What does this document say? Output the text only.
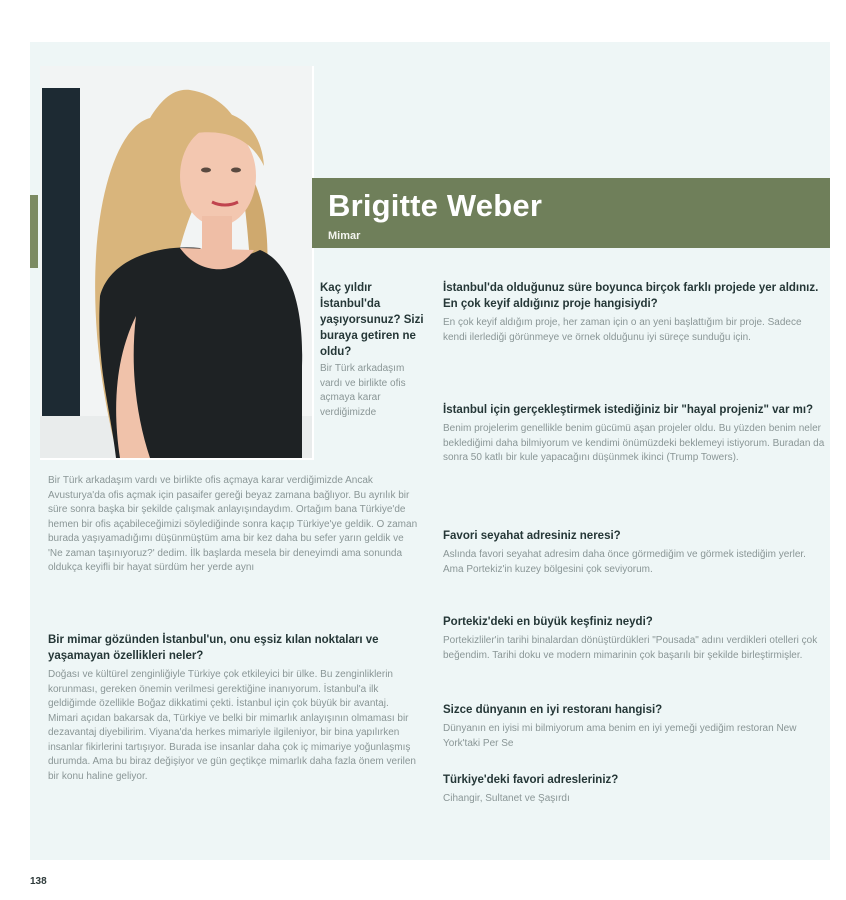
Brigitte Weber
Mimar

Kaç yıldır İstanbul'da yaşıyorsunuz? Sizi buraya getiren ne oldu?

Bir Türk arkadaşım vardı ve birlikte ofis açmaya karar verdiğimizde

Bir Türk arkadaşım vardı ve birlikte ofis açmaya karar verdiğimizde Ancak Avusturya'da ofis açmak için pasaifer gereği beyaz zamana bağlıyor. Bu ayrılık bir süre sonra başka bir şekilde çalışmak anlayışındaydım. Ortağım bana Türkiye'de hemen bir ofis açabileceğimizi söylediğinde sonra kaçıp Türkiye'ye geldik. O zaman burada yaşıyamadığımı düşünmüştüm ama bir kez daha bu sefer yarın geldik ve 'Ne zaman taşınıyoruz?' dedim. İlk başlarda mesela bir deneyimdi ama sonunda oldukça keyifli bir hayat sürdüm her yerde aynı

Bir mimar gözünden İstanbul'un, onu eşsiz kılan noktaları ve yaşamayan özellikleri neler?

Doğası ve kültürel zenginliğiyle Türkiye çok etkileyici bir ülke. Bu zenginliklerin korunması, gereken önemin verilmesi gerektiğine inanıyorum. İstanbul'a ilk geldiğimde özellikle Boğaz dikkatimi çekti. İstanbul için çok büyük bir avantaj. Mimari açıdan bakarsak da, Türkiye ve belki bir mimarlık anlayışının olmaması bir dezavantaj diyebilirim. Viyana'da herkes mimariyle ilgileniyor, bir bina yapılırken insanlar fikirlerini tartışıyor. Burada ise insanlar daha çok iç mimariye yoğunlaşmış durumda. Ama bu biraz değişiyor ve gün geçtikçe mimarlık daha fazla önem verilen bir konu haline geliyor.

İstanbul'da olduğunuz süre boyunca birçok farklı projede yer aldınız. En çok keyif aldığınız proje hangisiydi?

En çok keyif aldığım proje, her zaman için o an yeni başlattığım bir proje. Sadece kendi ilerlediği görünmeye ve örnek olduğunu iyi süreçe sunduğu için.

İstanbul için gerçekleştirmek istediğiniz bir "hayal projeniz" var mı?

Benim projelerim genellikle benim gücümü aşan projeler oldu. Bu yüzden benim neler beklediğimi daha bilmiyorum ve kendimi önümüzdeki beklemeyi istiyorum. Buradan da sonra 50 katlı bir kule yapacağını düşünmek ikinci (Trump Towers).

Favori seyahat adresiniz neresi?

Aslında favori seyahat adresim daha önce görmediğim ve görmek istediğim yerler. Ama Portekiz'in kuzey bölgesini çok seviyorum.

Portekiz'deki en büyük keşfiniz neydi?

Portekizliler'in tarihi binalardan dönüştürdükleri "Pousada" adını verdikleri otelleri çok beğendim. Tarihi doku ve modern mimarinin çok başarılı bir şekilde birleştirmişler.

Sizce dünyanın en iyi restoranı hangisi?

Dünyanın en iyisi mi bilmiyorum ama benim en iyi yemeği yediğim restoran New York'taki Per Se

Türkiye'deki favori adresleriniz?

Cihangir, Sultanet ve Şaşırdı

138
